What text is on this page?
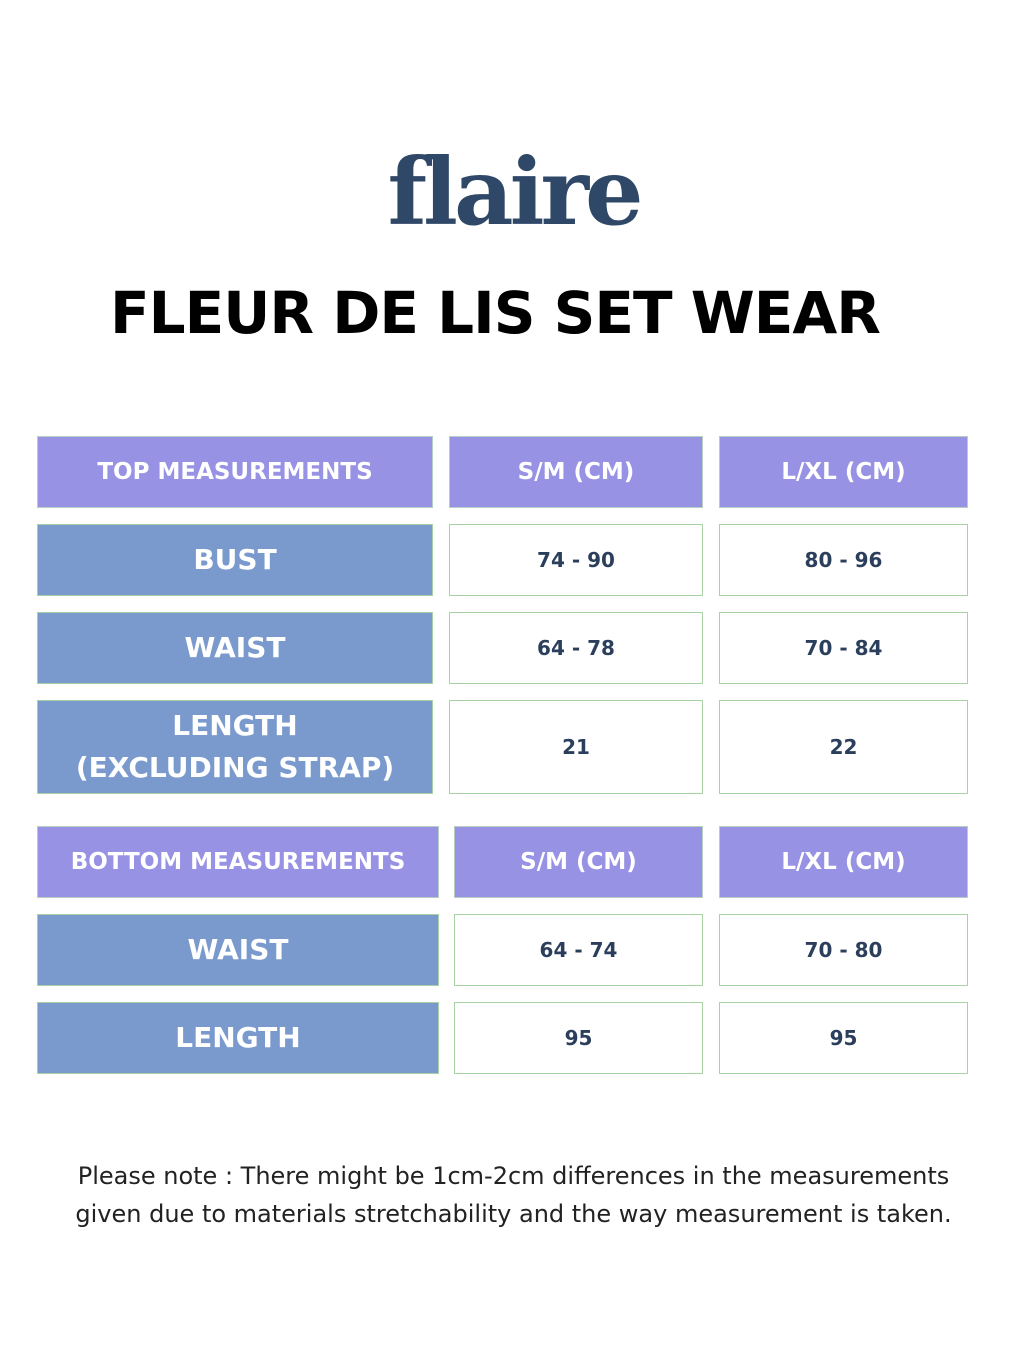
flaire
FLEUR DE LIS SET WEAR
TOP MEASUREMENTS	S/M (CM)	L/XL (CM)
BUST	74 - 90	80 - 96
WAIST	64 - 78	70 - 84
LENGTH
(EXCLUDING STRAP)
21	22
BOTTOM MEASUREMENTS	S/M (CM)	L/XL (CM)
WAIST	64 - 74	70 - 80
LENGTH	95	95
Please note : There might be 1cm-2cm differences in the measurements
given due to materials stretchability and the way measurement is taken.
